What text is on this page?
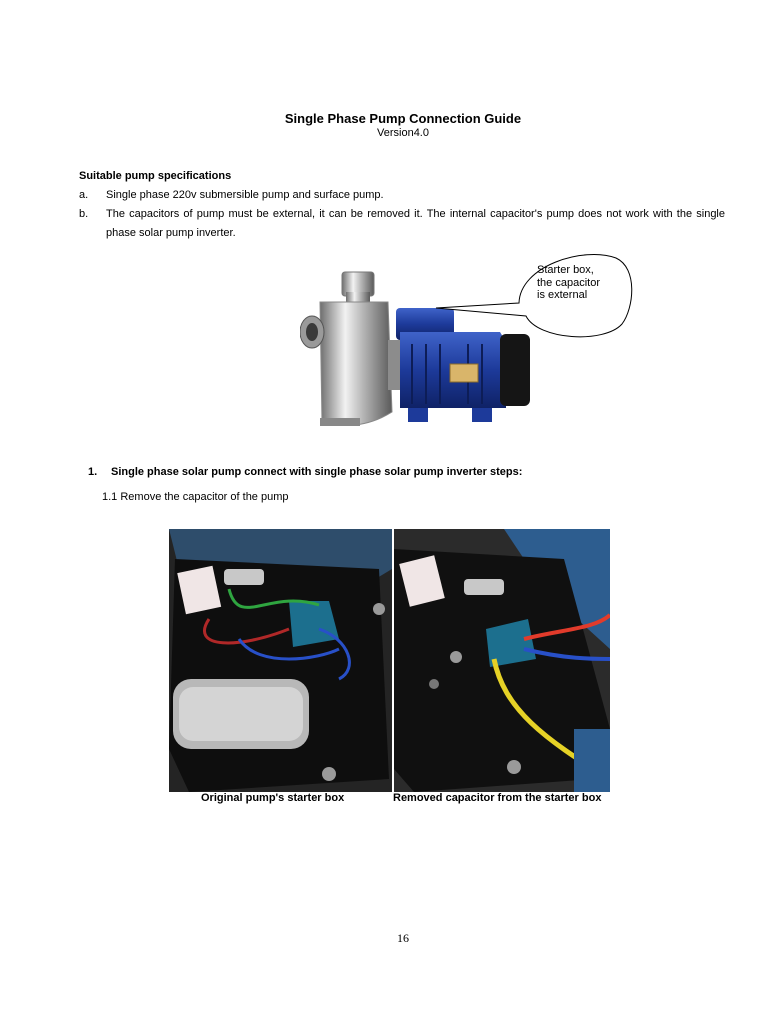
Single Phase Pump Connection Guide
Version4.0
Suitable pump specifications
a. Single phase 220v submersible pump and surface pump.
b. The capacitors of pump must be external, it can be removed it. The internal capacitor's pump does not work with the single phase solar pump inverter.
Starter box,
the capacitor
is external
1. Single phase solar pump connect with single phase solar pump inverter steps:
1.1 Remove the capacitor of the pump
Original pump's starter box	Removed capacitor from the starter box
16
